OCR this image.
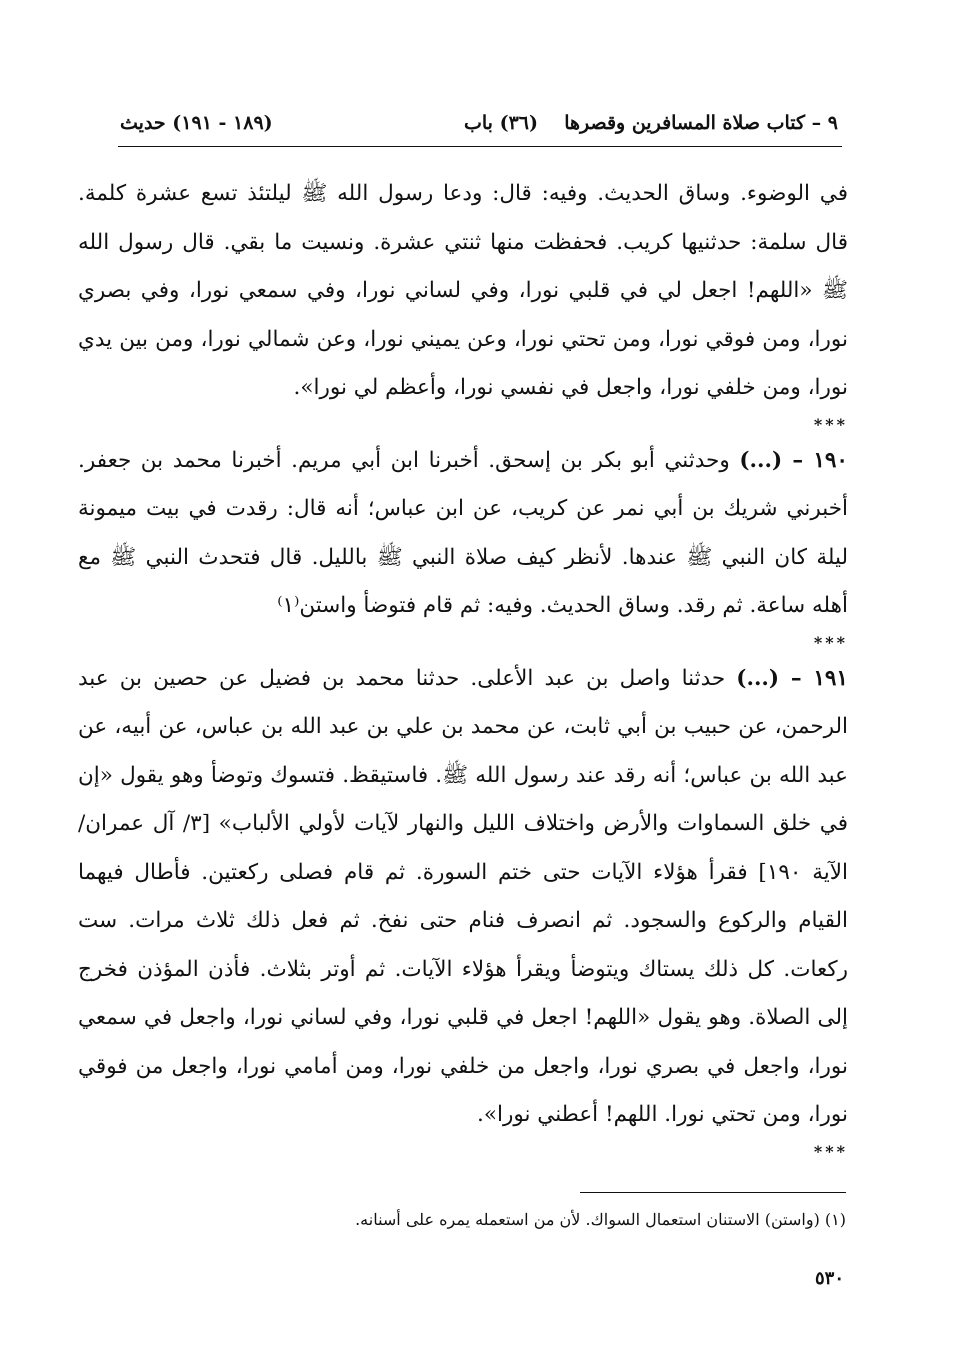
٩ – كتاب صلاة المسافرين وقصرها
(٣٦) باب
(١٨٩ - ١٩١) حديث

في الوضوء. وساق الحديث. وفيه: قال: ودعا رسول الله ﷺ ليلتئذ تسع عشرة كلمة. قال سلمة: حدثنيها كريب. فحفظت منها ثنتي عشرة. ونسيت ما بقي. قال رسول الله ﷺ «اللهم! اجعل لي في قلبي نورا، وفي لساني نورا، وفي سمعي نورا، وفي بصري نورا، ومن فوقي نورا، ومن تحتي نورا، وعن يميني نورا، وعن شمالي نورا، ومن بين يدي نورا، ومن خلفي نورا، واجعل في نفسي نورا، وأعظم لي نورا».

***

١٩٠ – (...) وحدثني أبو بكر بن إسحق. أخبرنا ابن أبي مريم. أخبرنا محمد بن جعفر. أخبرني شريك بن أبي نمر عن كريب، عن ابن عباس؛ أنه قال: رقدت في بيت ميمونة ليلة كان النبي ﷺ عندها. لأنظر كيف صلاة النبي ﷺ بالليل. قال فتحدث النبي ﷺ مع أهله ساعة. ثم رقد. وساق الحديث. وفيه: ثم قام فتوضأ واستن⁽١⁾

***

١٩١ – (...) حدثنا واصل بن عبد الأعلى. حدثنا محمد بن فضيل عن حصين بن عبد الرحمن، عن حبيب بن أبي ثابت، عن محمد بن علي بن عبد الله بن عباس، عن أبيه، عن عبد الله بن عباس؛ أنه رقد عند رسول الله ﷺ. فاستيقظ. فتسوك وتوضأ وهو يقول «إن في خلق السماوات والأرض واختلاف الليل والنهار لآيات لأولي الألباب» [٣/ آل عمران/ الآية ١٩٠] فقرأ هؤلاء الآيات حتى ختم السورة. ثم قام فصلى ركعتين. فأطال فيهما القيام والركوع والسجود. ثم انصرف فنام حتى نفخ. ثم فعل ذلك ثلاث مرات. ست ركعات. كل ذلك يستاك ويتوضأ ويقرأ هؤلاء الآيات. ثم أوتر بثلاث. فأذن المؤذن فخرج إلى الصلاة. وهو يقول «اللهم! اجعل في قلبي نورا، وفي لساني نورا، واجعل في سمعي نورا، واجعل في بصري نورا، واجعل من خلفي نورا، ومن أمامي نورا، واجعل من فوقي نورا، ومن تحتي نورا. اللهم! أعطني نورا».

***
(١) (واستن) الاستنان استعمال السواك. لأن من استعمله يمره على أسنانه.
٥٣٠
